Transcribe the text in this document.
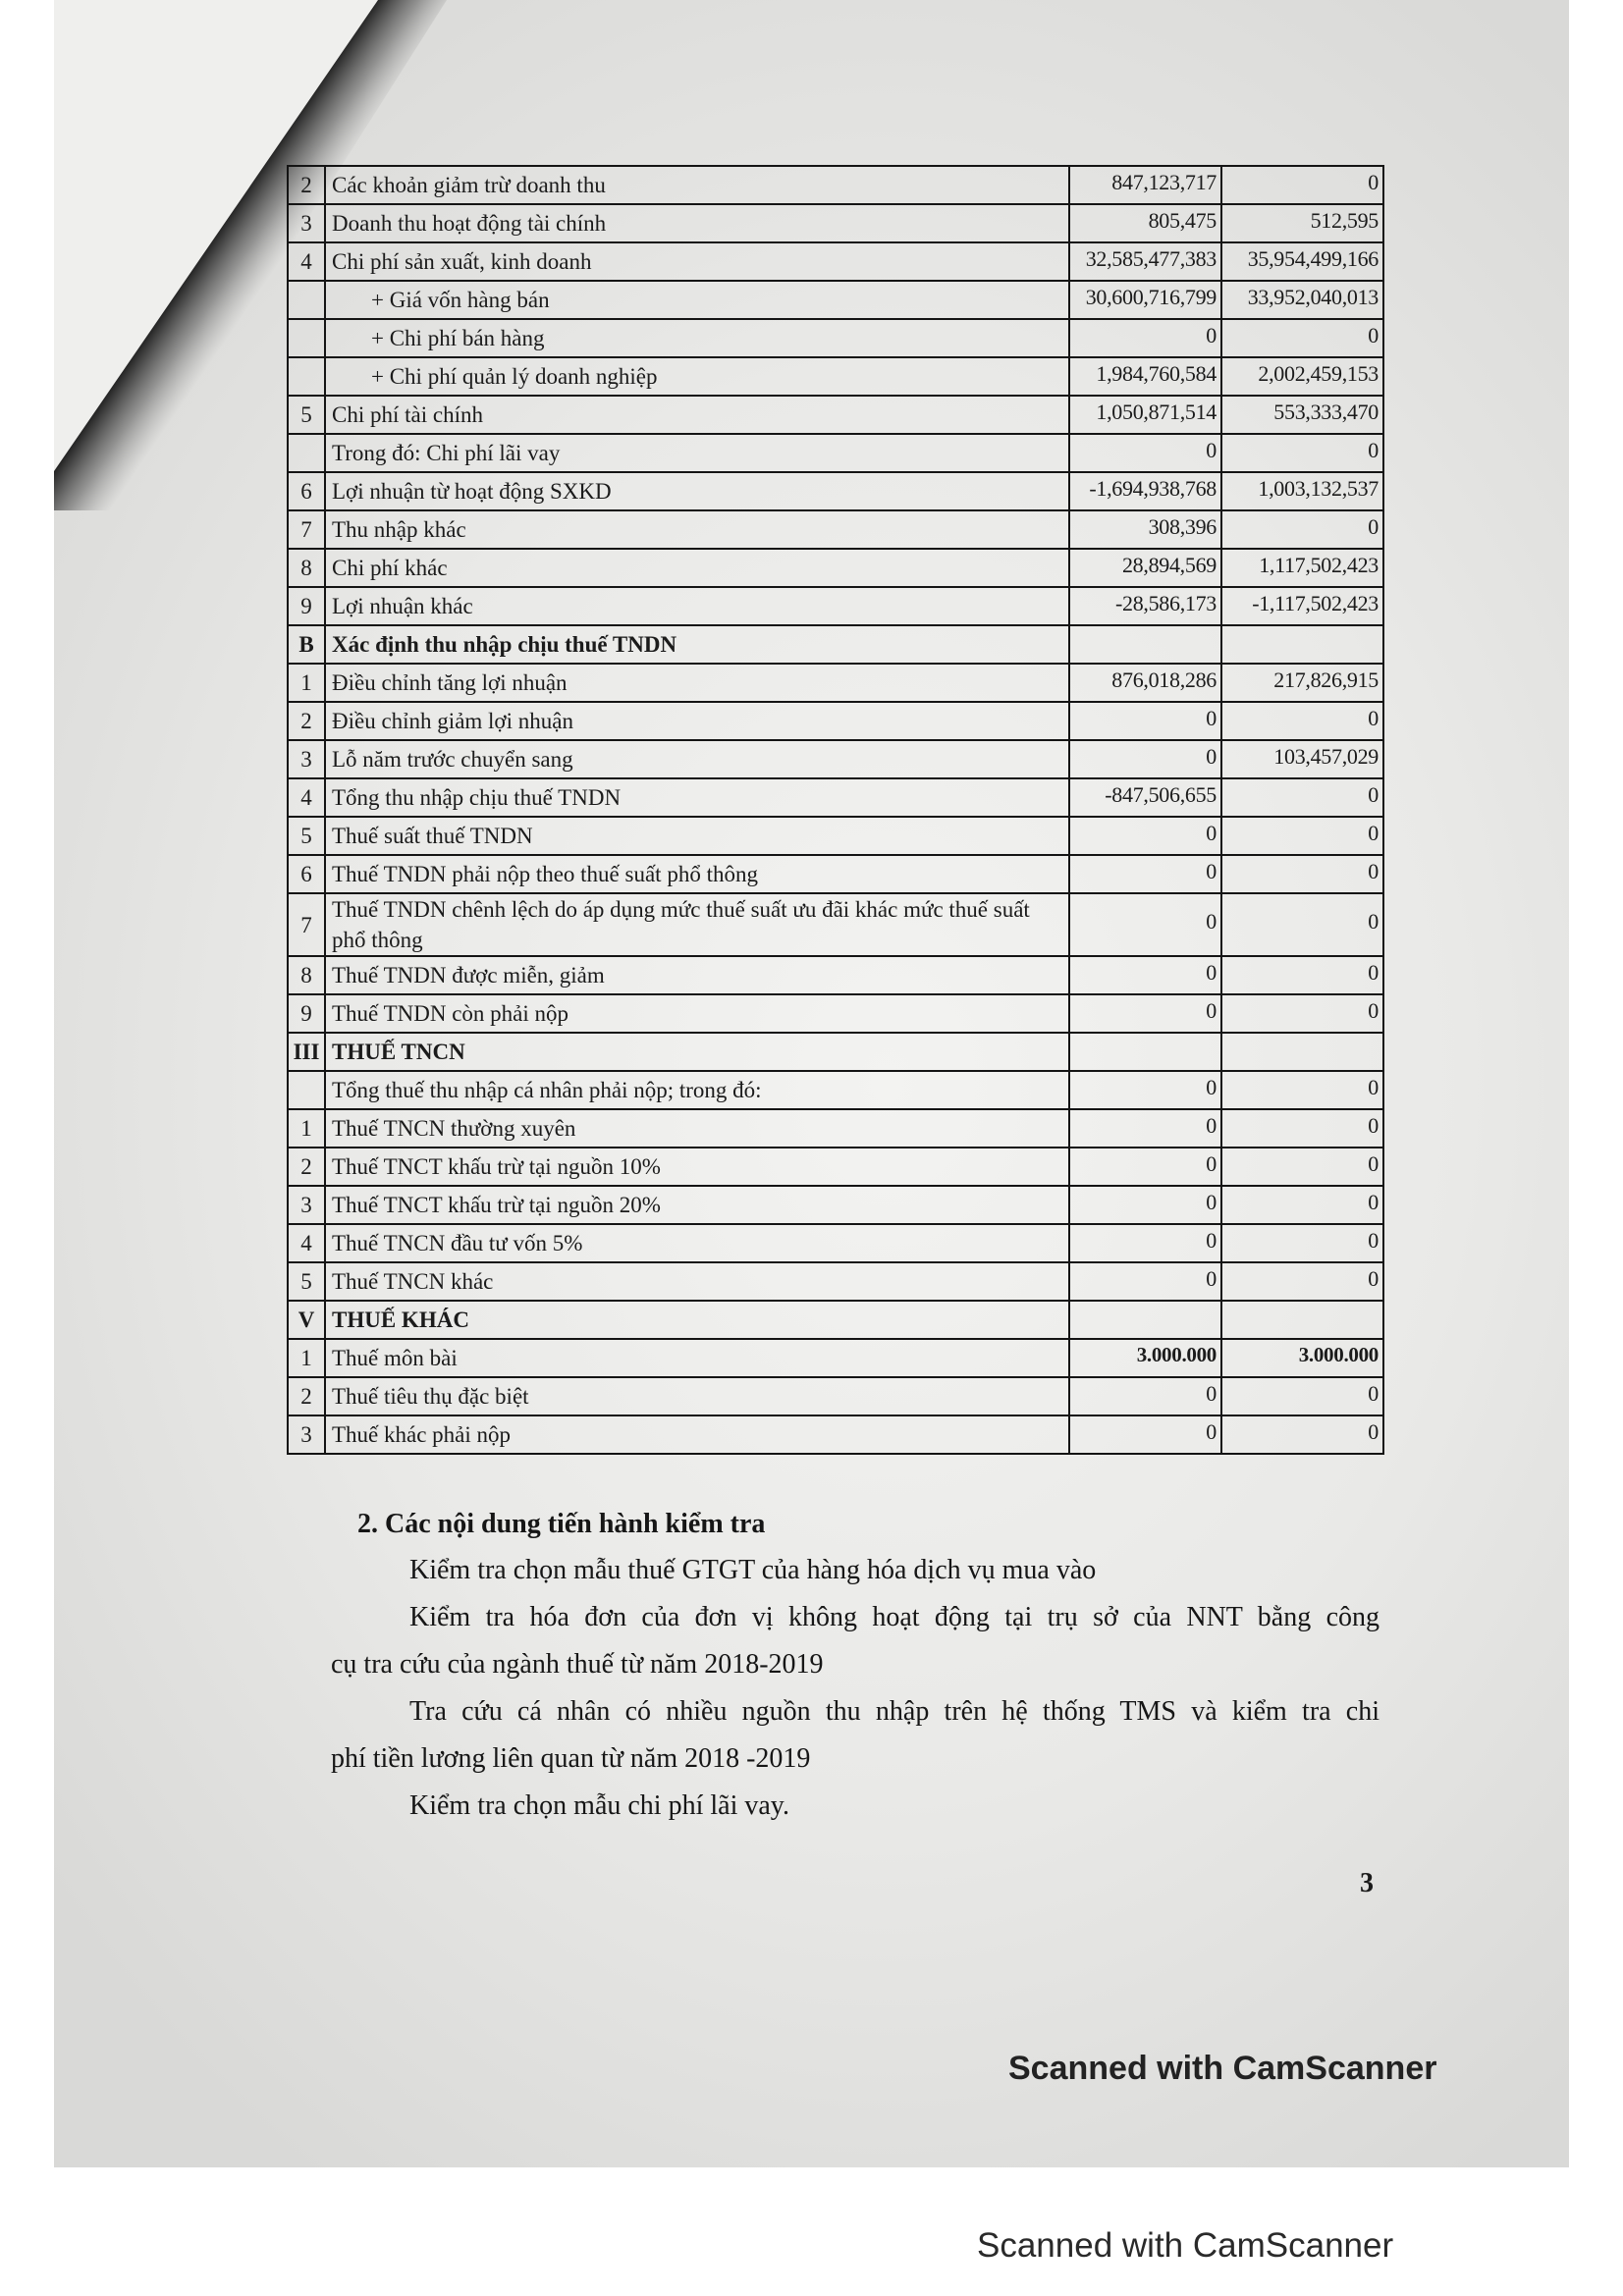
2	Các khoản giảm trừ doanh thu	847,123,717	0
3	Doanh thu hoạt động tài chính	805,475	512,595
4	Chi phí sản xuất, kinh doanh	32,585,477,383	35,954,499,166
	+ Giá vốn hàng bán	30,600,716,799	33,952,040,013
	+ Chi phí bán hàng	0	0
	+ Chi phí quản lý doanh nghiệp	1,984,760,584	2,002,459,153
5	Chi phí tài chính	1,050,871,514	553,333,470
	Trong đó: Chi phí lãi vay	0	0
6	Lợi nhuận từ hoạt động SXKD	-1,694,938,768	1,003,132,537
7	Thu nhập khác	308,396	0
8	Chi phí khác	28,894,569	1,117,502,423
9	Lợi nhuận khác	-28,586,173	-1,117,502,423
B	Xác định thu nhập chịu thuế TNDN		
1	Điều chỉnh tăng lợi nhuận	876,018,286	217,826,915
2	Điều chỉnh giảm lợi nhuận	0	0
3	Lỗ năm trước chuyển sang	0	103,457,029
4	Tổng thu nhập chịu thuế TNDN	-847,506,655	0
5	Thuế suất thuế TNDN	0	0
6	Thuế TNDN phải nộp theo thuế suất phổ thông	0	0
7	Thuế TNDN chênh lệch do áp dụng mức thuế suất ưu đãi khác mức thuế suất phổ thông	0	0
8	Thuế TNDN được miễn, giảm	0	0
9	Thuế TNDN còn phải nộp	0	0
III	THUẾ TNCN		
	Tổng thuế thu nhập cá nhân phải nộp; trong đó:	0	0
1	Thuế TNCN thường xuyên	0	0
2	Thuế TNCT khấu trừ tại nguồn 10%	0	0
3	Thuế TNCT khấu trừ tại nguồn 20%	0	0
4	Thuế TNCN đầu tư vốn 5%	0	0
5	Thuế TNCN khác	0	0
V	THUẾ KHÁC		
1	Thuế môn bài	3.000.000	3.000.000
2	Thuế tiêu thụ đặc biệt	0	0
3	Thuế khác phải nộp	0	0
2. Các nội dung tiến hành kiểm tra
Kiểm tra chọn mẫu thuế GTGT của hàng hóa dịch vụ mua vào
Kiểm tra hóa đơn của đơn vị không hoạt động tại trụ sở của NNT bằng công
cụ tra cứu của ngành thuế từ năm 2018-2019
Tra cứu cá nhân có nhiều nguồn thu nhập trên hệ thống TMS và kiểm tra chi
phí tiền lương liên quan từ năm 2018 -2019
Kiểm tra chọn mẫu chi phí lãi vay.
3
Scanned with CamScanner
Scanned with CamScanner
